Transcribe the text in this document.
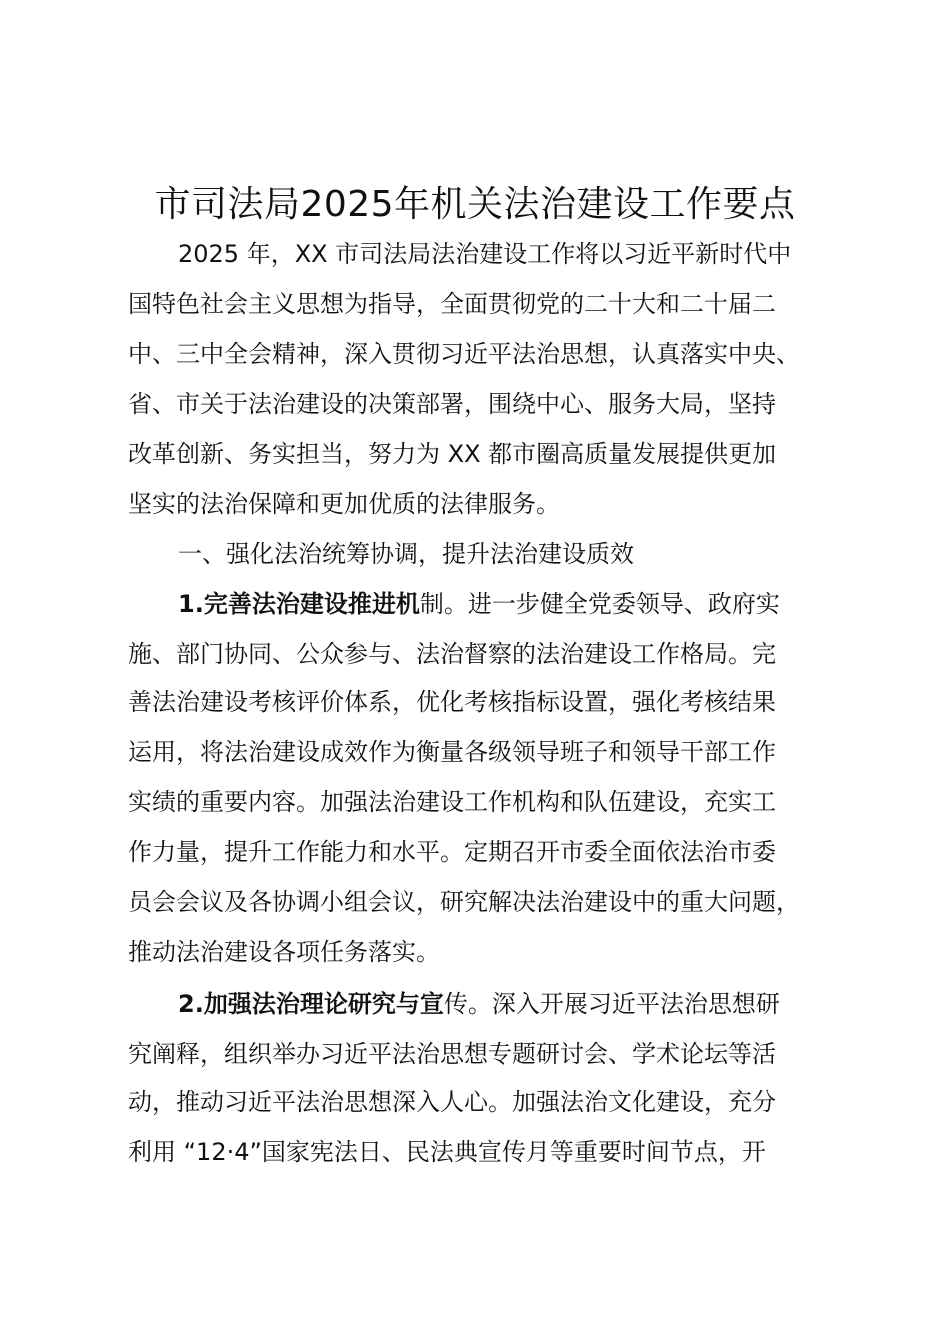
市司法局2025年机关法治建设工作要点
2025 年，XX 市司法局法治建设工作将以习近平新时代中
国特色社会主义思想为指导，全面贯彻党的二十大和二十届二
中、三中全会精神，深入贯彻习近平法治思想，认真落实中央、
省、市关于法治建设的决策部署，围绕中心、服务大局，坚持
改革创新、务实担当，努力为 XX 都市圈高质量发展提供更加
坚实的法治保障和更加优质的法律服务。
一、强化法治统筹协调，提升法治建设质效
1.完善法治建设推进机制。进一步健全党委领导、政府实
施、部门协同、公众参与、法治督察的法治建设工作格局。完
善法治建设考核评价体系，优化考核指标设置，强化考核结果
运用，将法治建设成效作为衡量各级领导班子和领导干部工作
实绩的重要内容。加强法治建设工作机构和队伍建设，充实工
作力量，提升工作能力和水平。定期召开市委全面依法治市委
员会会议及各协调小组会议，研究解决法治建设中的重大问题，
推动法治建设各项任务落实。
2.加强法治理论研究与宣传。深入开展习近平法治思想研
究阐释，组织举办习近平法治思想专题研讨会、学术论坛等活
动，推动习近平法治思想深入人心。加强法治文化建设，充分
利用 “12·4”国家宪法日、民法典宣传月等重要时间节点，开
